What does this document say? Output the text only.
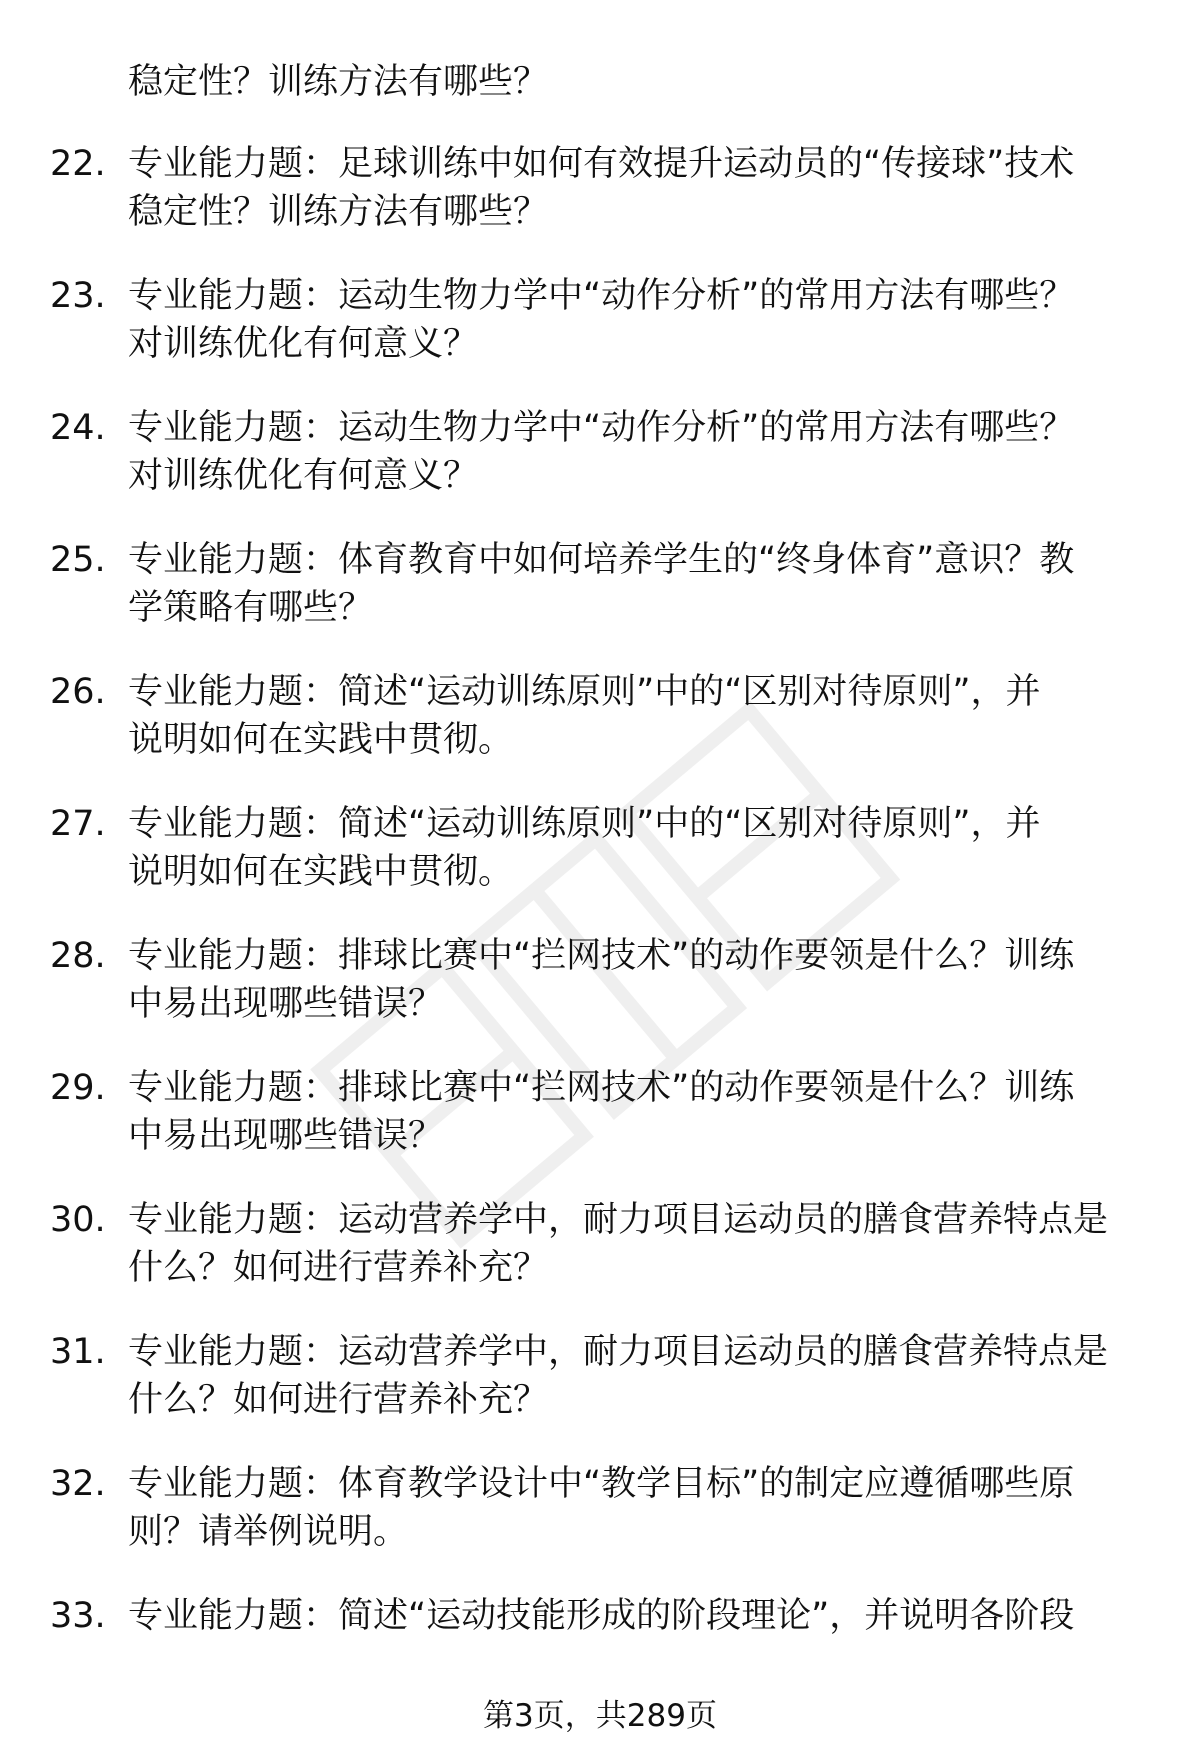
稳定性？训练方法有哪些？
22. 专业能力题：足球训练中如何有效提升运动员的“传接球”技术
稳定性？训练方法有哪些？
23. 专业能力题：运动生物力学中“动作分析”的常用方法有哪些？
对训练优化有何意义？
24. 专业能力题：运动生物力学中“动作分析”的常用方法有哪些？
对训练优化有何意义？
25. 专业能力题：体育教育中如何培养学生的“终身体育”意识？教
学策略有哪些？
26. 专业能力题：简述“运动训练原则”中的“区别对待原则”，并
说明如何在实践中贯彻。
27. 专业能力题：简述“运动训练原则”中的“区别对待原则”，并
说明如何在实践中贯彻。
28. 专业能力题：排球比赛中“拦网技术”的动作要领是什么？训练
中易出现哪些错误？
29. 专业能力题：排球比赛中“拦网技术”的动作要领是什么？训练
中易出现哪些错误？
30. 专业能力题：运动营养学中，耐力项目运动员的膳食营养特点是
什么？如何进行营养补充？
31. 专业能力题：运动营养学中，耐力项目运动员的膳食营养特点是
什么？如何进行营养补充？
32. 专业能力题：体育教学设计中“教学目标”的制定应遵循哪些原
则？请举例说明。
33. 专业能力题：简述“运动技能形成的阶段理论”，并说明各阶段
第3页，共289页
